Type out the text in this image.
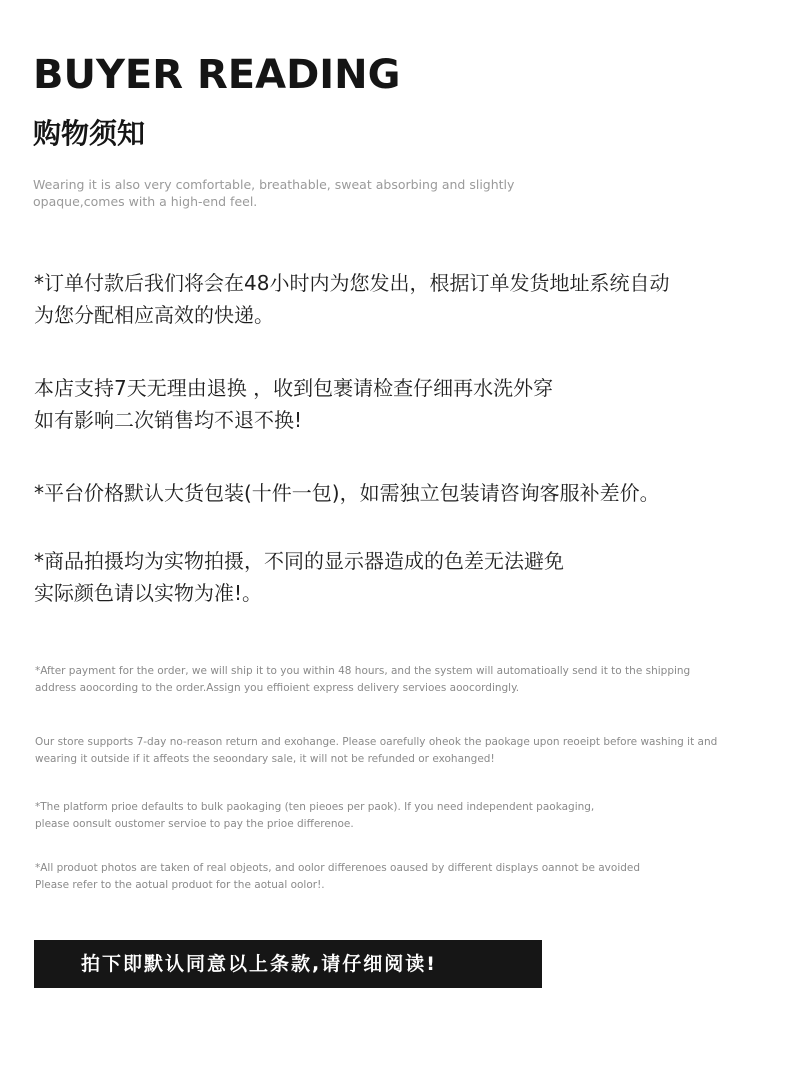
BUYER READING
购物须知

Wearing it is also very comfortable, breathable, sweat absorbing and slightly
opaque,comes with a high-end feel.

*订单付款后我们将会在48小时内为您发出，根据订单发货地址系统自动
为您分配相应高效的快递。
本店支持7天无理由退换 ，收到包裹请检查仔细再水洗外穿
如有影响二次销售均不退不换!
*平台价格默认大货包装(十件一包)，如需独立包装请咨询客服补差价。
*商品拍摄均为实物拍摄，不同的显示器造成的色差无法避免
实际颜色请以实物为准!。
*After payment for the order, we will ship it to you within 48 hours, and the system will automatioally send it to the shipping
address aoocording to the order.Assign you effioient express delivery servioes aoocordingly.
Our store supports 7-day no-reason return and exohange. Please oarefully oheok the paokage upon reoeipt before washing it and
wearing it outside if it affeots the seoondary sale, it will not be refunded or exohanged!
*The platform prioe defaults to bulk paokaging (ten pieoes per paok). If you need independent paokaging,
please oonsult oustomer servioe to pay the prioe differenoe.
*All produot photos are taken of real objeots, and oolor differenoes oaused by different displays oannot be avoided
Please refer to the aotual produot for the aotual oolor!.
拍下即默认同意以上条款,请仔细阅读!
